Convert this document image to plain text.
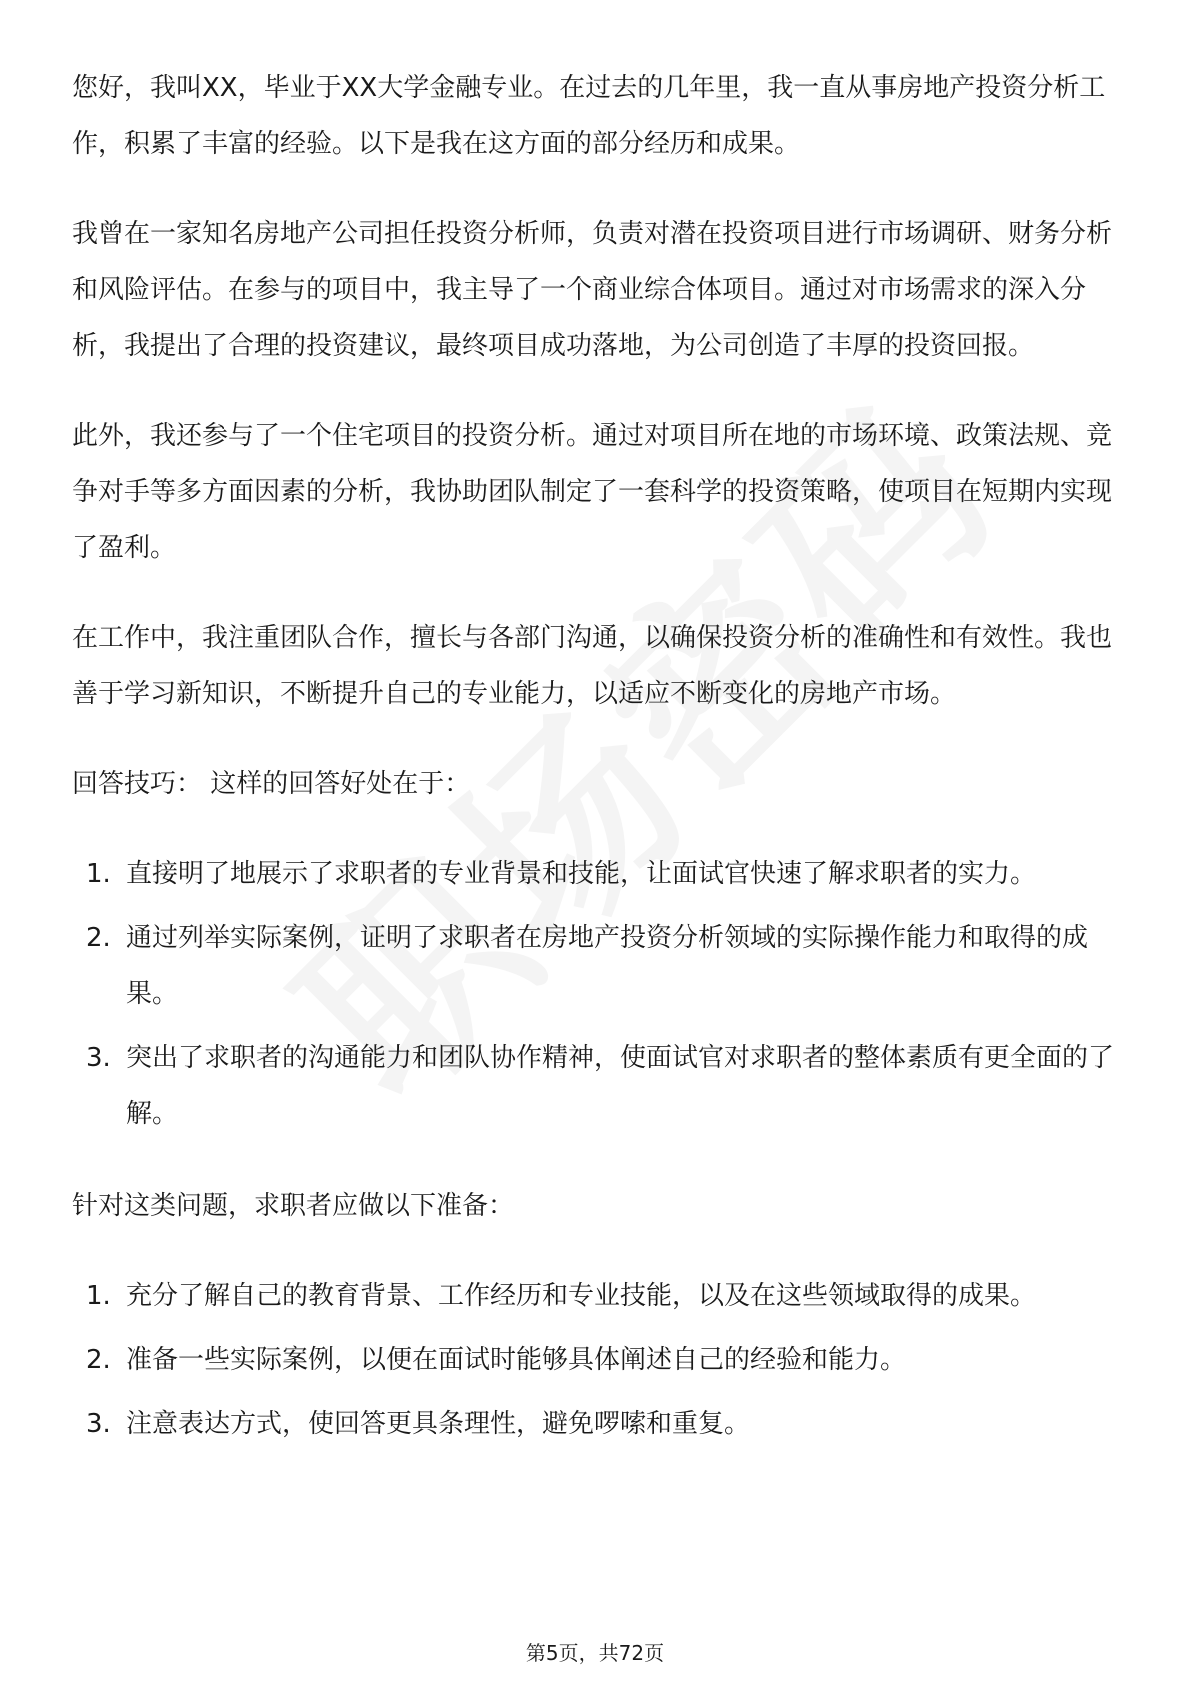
您好，我叫XX，毕业于XX大学金融专业。在过去的几年里，我一直从事房地产投资分析工作，积累了丰富的经验。以下是我在这方面的部分经历和成果。

我曾在一家知名房地产公司担任投资分析师，负责对潜在投资项目进行市场调研、财务分析和风险评估。在参与的项目中，我主导了一个商业综合体项目。通过对市场需求的深入分析，我提出了合理的投资建议，最终项目成功落地，为公司创造了丰厚的投资回报。

此外，我还参与了一个住宅项目的投资分析。通过对项目所在地的市场环境、政策法规、竞争对手等多方面因素的分析，我协助团队制定了一套科学的投资策略，使项目在短期内实现了盈利。

在工作中，我注重团队合作，擅长与各部门沟通，以确保投资分析的准确性和有效性。我也善于学习新知识，不断提升自己的专业能力，以适应不断变化的房地产市场。

回答技巧： 这样的回答好处在于：

1. 直接明了地展示了求职者的专业背景和技能，让面试官快速了解求职者的实力。
2. 通过列举实际案例，证明了求职者在房地产投资分析领域的实际操作能力和取得的成果。
3. 突出了求职者的沟通能力和团队协作精神，使面试官对求职者的整体素质有更全面的了解。

针对这类问题，求职者应做以下准备：

1. 充分了解自己的教育背景、工作经历和专业技能，以及在这些领域取得的成果。
2. 准备一些实际案例，以便在面试时能够具体阐述自己的经验和能力。
3. 注意表达方式，使回答更具条理性，避免啰嗦和重复。
第5页，共72页
